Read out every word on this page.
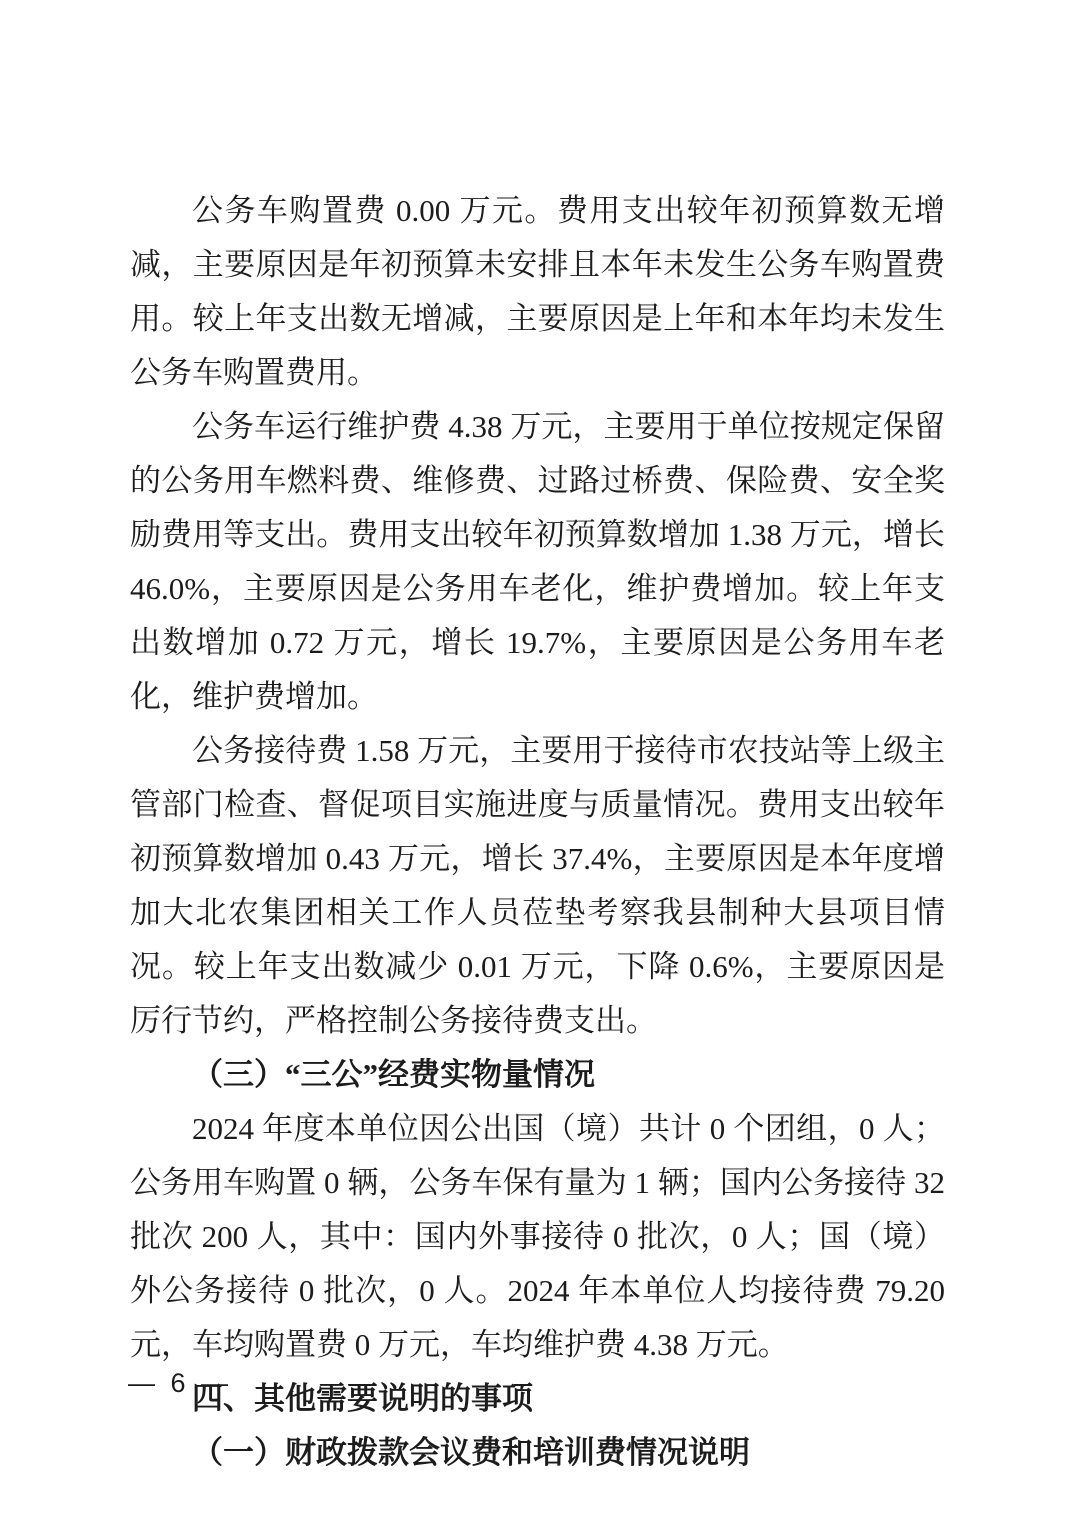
公务车购置费 0.00 万元。费用支出较年初预算数无增减，主要原因是年初预算未安排且本年未发生公务车购置费用。较上年支出数无增减，主要原因是上年和本年均未发生公务车购置费用。
公务车运行维护费 4.38 万元，主要用于单位按规定保留的公务用车燃料费、维修费、过路过桥费、保险费、安全奖励费用等支出。费用支出较年初预算数增加 1.38 万元，增长 46.0%，主要原因是公务用车老化，维护费增加。较上年支出数增加 0.72 万元，增长 19.7%，主要原因是公务用车老化，维护费增加。
公务接待费 1.58 万元，主要用于接待市农技站等上级主管部门检查、督促项目实施进度与质量情况。费用支出较年初预算数增加 0.43 万元，增长 37.4%，主要原因是本年度增加大北农集团相关工作人员莅垫考察我县制种大县项目情况。较上年支出数减少 0.01 万元，下降 0.6%，主要原因是厉行节约，严格控制公务接待费支出。
（三）“三公”经费实物量情况
2024 年度本单位因公出国（境）共计 0 个团组，0 人；公务用车购置 0 辆，公务车保有量为 1 辆；国内公务接待 32 批次 200 人，其中：国内外事接待 0 批次，0 人；国（境）外公务接待 0 批次，0 人。2024 年本单位人均接待费 79.20 元，车均购置费 0 万元，车均维护费 4.38 万元。
四、其他需要说明的事项
（一）财政拨款会议费和培训费情况说明
— 6 —
